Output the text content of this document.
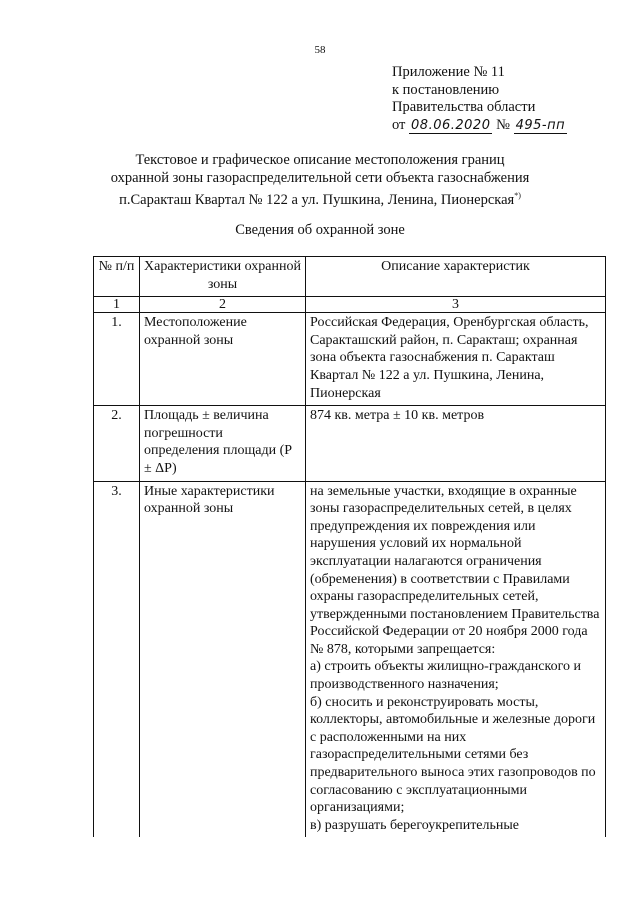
58
Приложение № 11
к постановлению
Правительства области
от 08.06.2020 № 495-пп
Текстовое и графическое описание местоположения границ
охранной зоны газораспределительной сети объекта газоснабжения
п.Саракташ Квартал № 122 а ул. Пушкина, Ленина, Пионерская*)
Сведения об охранной зоне
№ п/п	Характеристики охранной зоны	Описание характеристик
1	2	3
1.	Местоположение охранной зоны	Российская Федерация, Оренбургская область, Саракташский район, п. Саракташ; охранная зона объекта газоснабжения п. Саракташ Квартал № 122 а ул. Пушкина, Ленина, Пионерская
2.	Площадь ± величина погрешности определения площади (P ± ΔP)	874 кв. метра ± 10 кв. метров
3.	Иные характеристики охранной зоны	на земельные участки, входящие в охранные зоны газораспределительных сетей, в целях предупреждения их повреждения или нарушения условий их нормальной эксплуатации налагаются ограничения (обременения) в соответствии с Правилами охраны газораспределительных сетей, утвержденными постановлением Правительства Российской Федерации от 20 ноября 2000 года № 878, которыми запрещается:
а) строить объекты жилищно-гражданского и производственного назначения;
б) сносить и реконструировать мосты, коллекторы, автомобильные и железные дороги с расположенными на них газораспределительными сетями без предварительного выноса этих газопроводов по согласованию с эксплуатационными организациями;
в) разрушать берегоукрепительные
